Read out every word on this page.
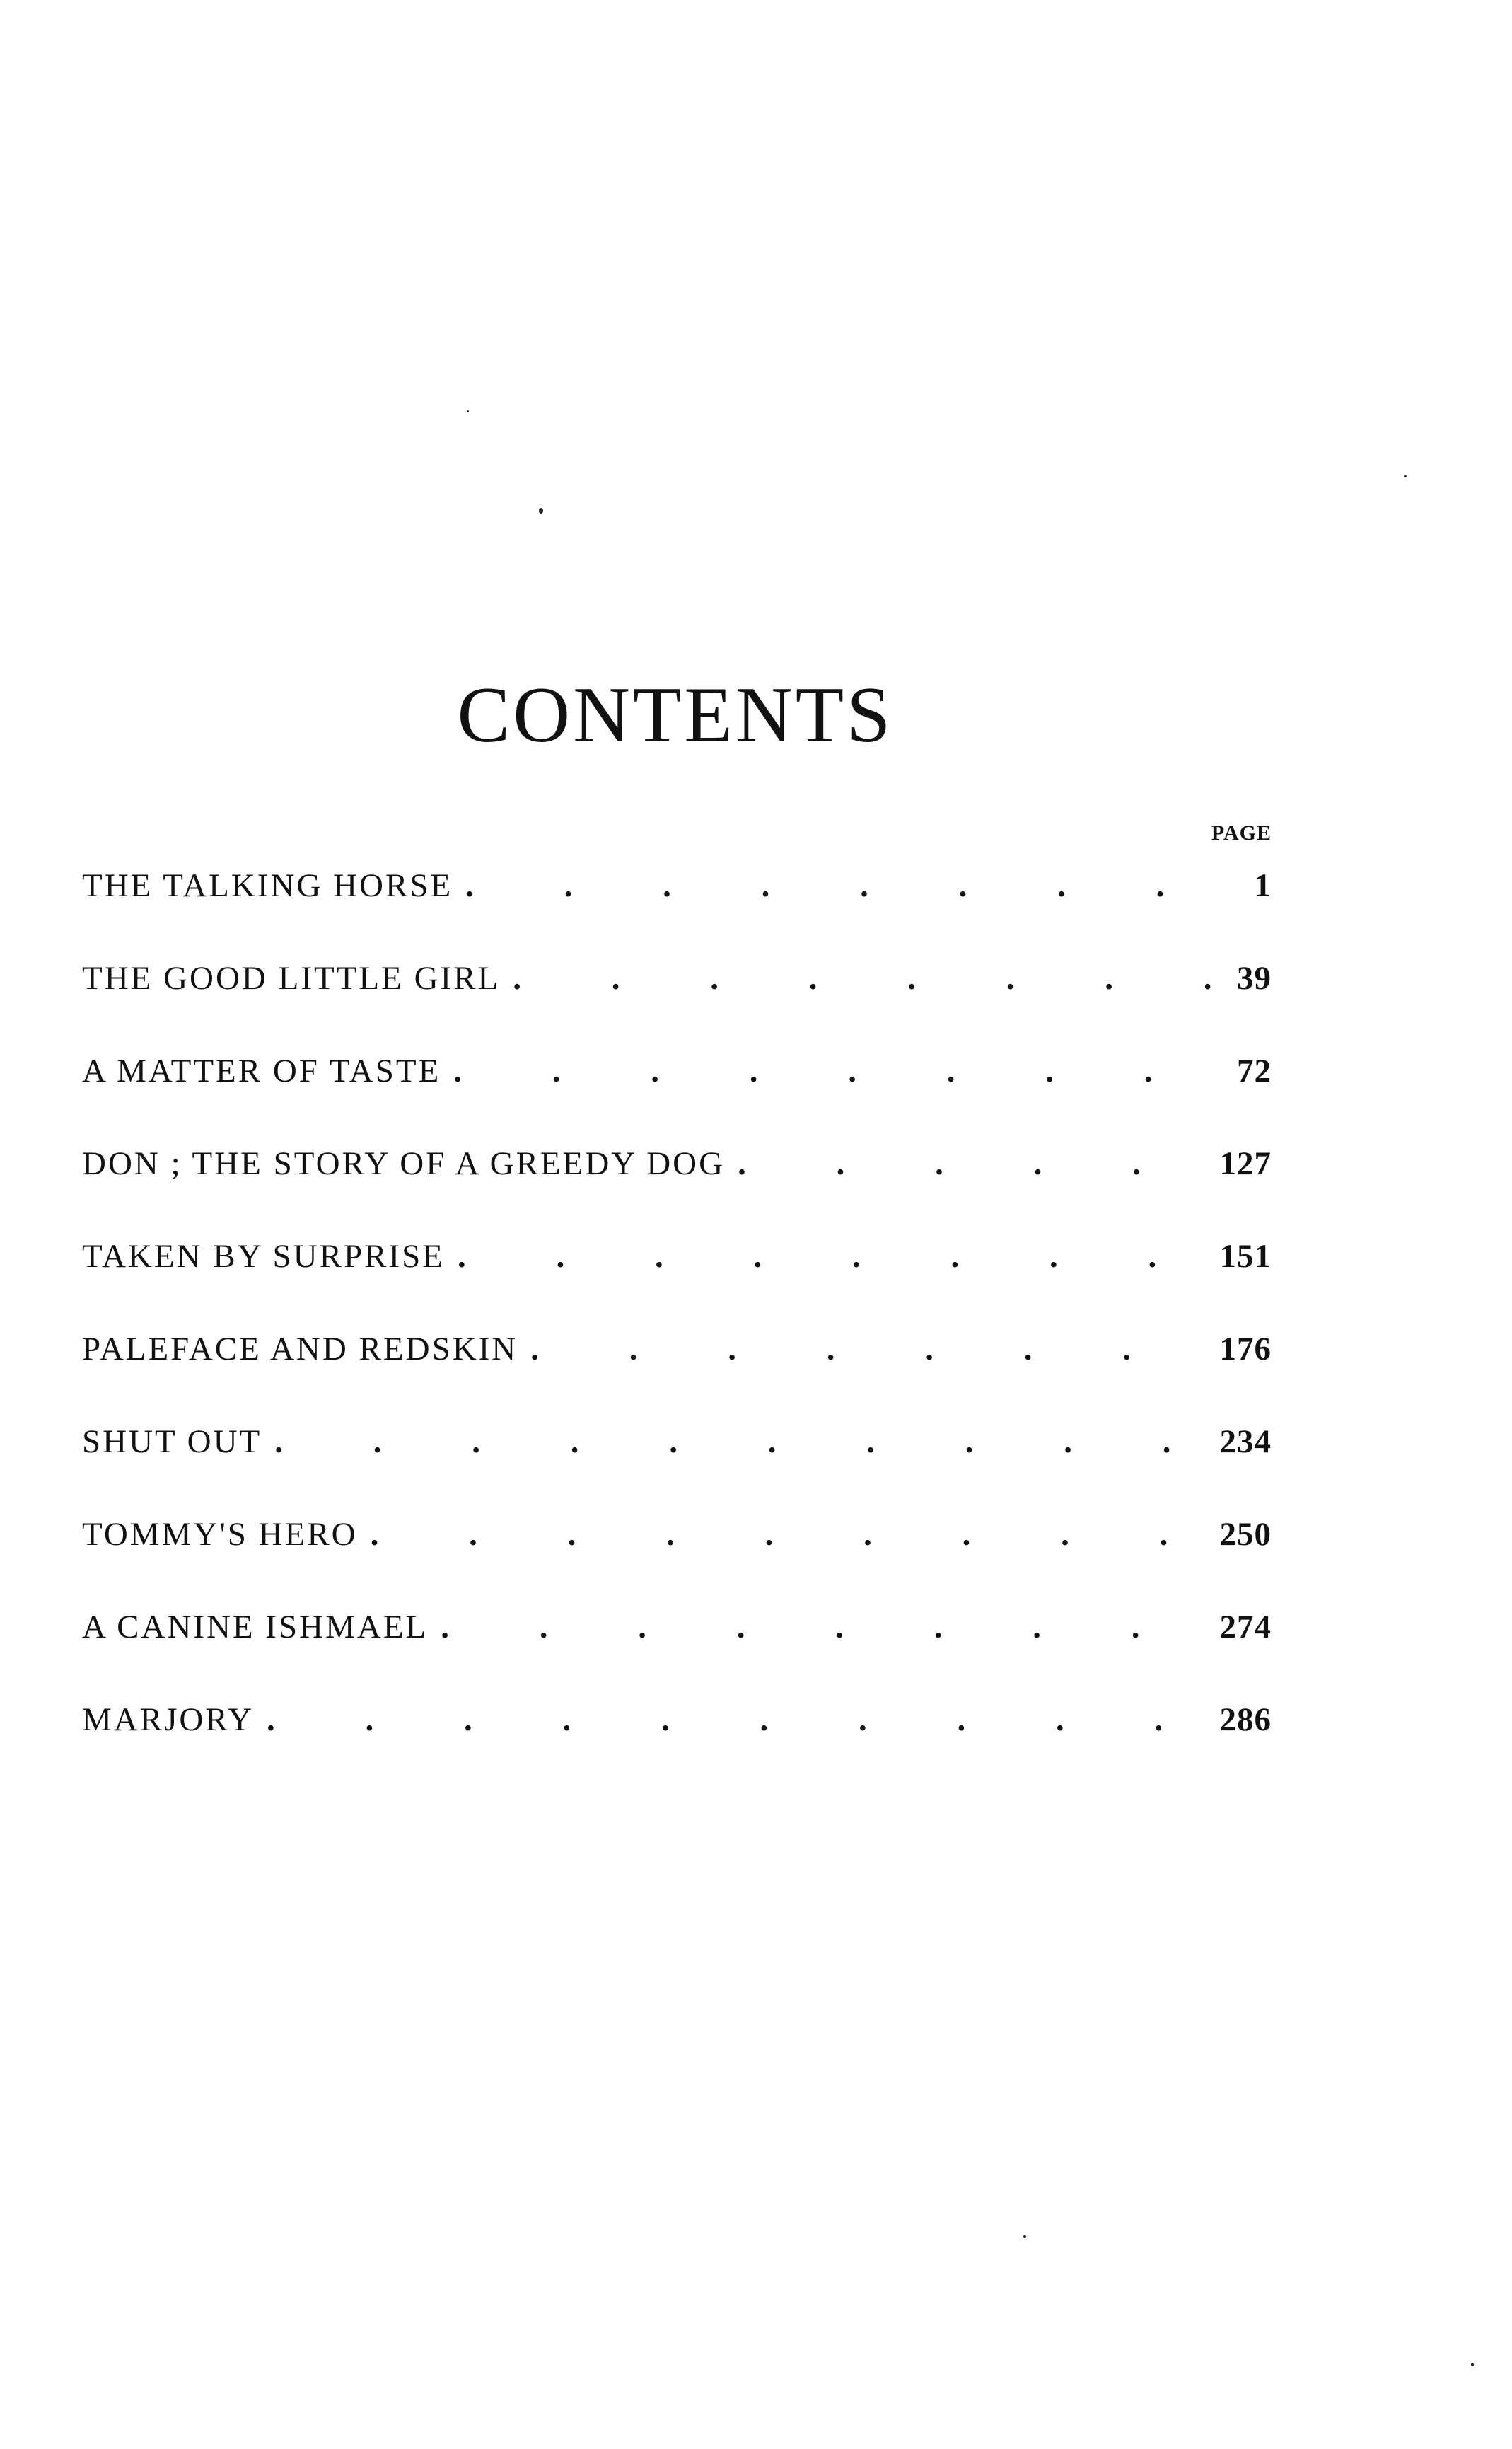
CONTENTS
PAGE
THE TALKING HORSE . . .	1
THE GOOD LITTLE GIRL . . .	39
A MATTER OF TASTE . . .	72
DON ; THE STORY OF A GREEDY DOG . . .	127
TAKEN BY SURPRISE . . .	151
PALEFACE AND REDSKIN . . .	176
SHUT OUT . . .	234
TOMMY'S HERO . . .	250
A CANINE ISHMAEL . . .	274
MARJORY . . .	286
